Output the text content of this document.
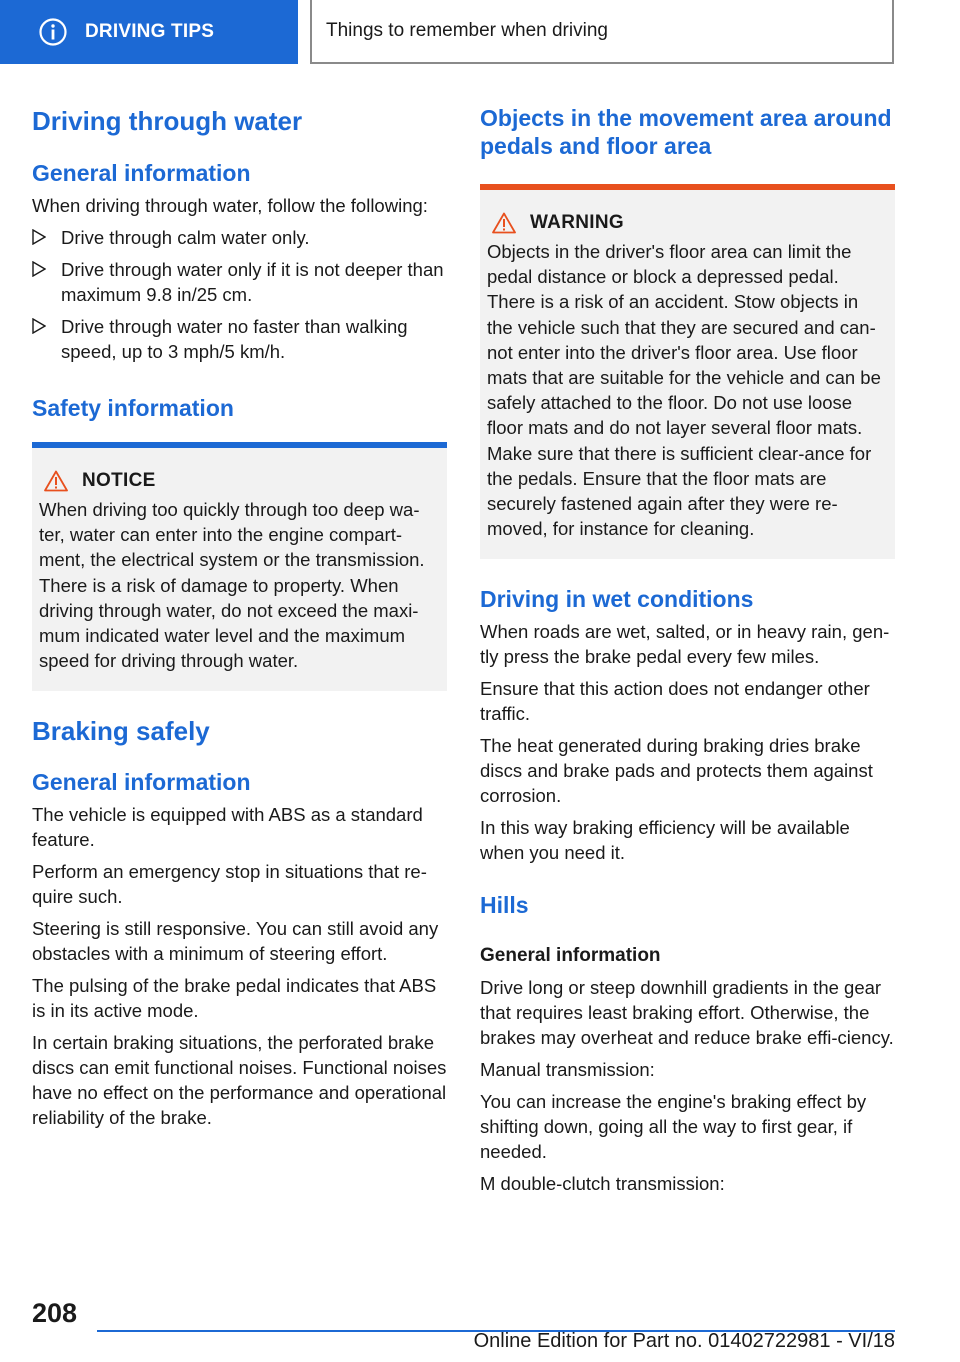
DRIVING TIPS	Things to remember when driving
Driving through water
General information

When driving through water, follow the following:

Drive through calm water only.
Drive through water only if it is not deeper than maximum 9.8 in/25 cm.
Drive through water no faster than walking speed, up to 3 mph/5 km/h.
Safety information
NOTICE

When driving too quickly through too deep wa-ter, water can enter into the engine compart-ment, the electrical system or the transmission. There is a risk of damage to property. When driving through water, do not exceed the maxi-mum indicated water level and the maximum speed for driving through water.

Braking safely
General information

The vehicle is equipped with ABS as a standard feature.

Perform an emergency stop in situations that re-quire such.

Steering is still responsive. You can still avoid any obstacles with a minimum of steering effort.

The pulsing of the brake pedal indicates that ABS is in its active mode.

In certain braking situations, the perforated brake discs can emit functional noises. Functional noises have no effect on the performance and operational reliability of the brake.

Objects in the movement area around pedals and floor area
WARNING

Objects in the driver's floor area can limit the pedal distance or block a depressed pedal. There is a risk of an accident. Stow objects in the vehicle such that they are secured and can-not enter into the driver's floor area. Use floor mats that are suitable for the vehicle and can be safely attached to the floor. Do not use loose floor mats and do not layer several floor mats. Make sure that there is sufficient clear-ance for the pedals. Ensure that the floor mats are securely fastened again after they were re-moved, for instance for cleaning.

Driving in wet conditions

When roads are wet, salted, or in heavy rain, gen-tly press the brake pedal every few miles.

Ensure that this action does not endanger other traffic.

The heat generated during braking dries brake discs and brake pads and protects them against corrosion.

In this way braking efficiency will be available when you need it.

Hills
General information

Drive long or steep downhill gradients in the gear that requires least braking effort. Otherwise, the brakes may overheat and reduce brake effi-ciency.

Manual transmission:

You can increase the engine's braking effect by shifting down, going all the way to first gear, if needed.

M double-clutch transmission:

208
Online Edition for Part no. 01402722981 - VI/18
